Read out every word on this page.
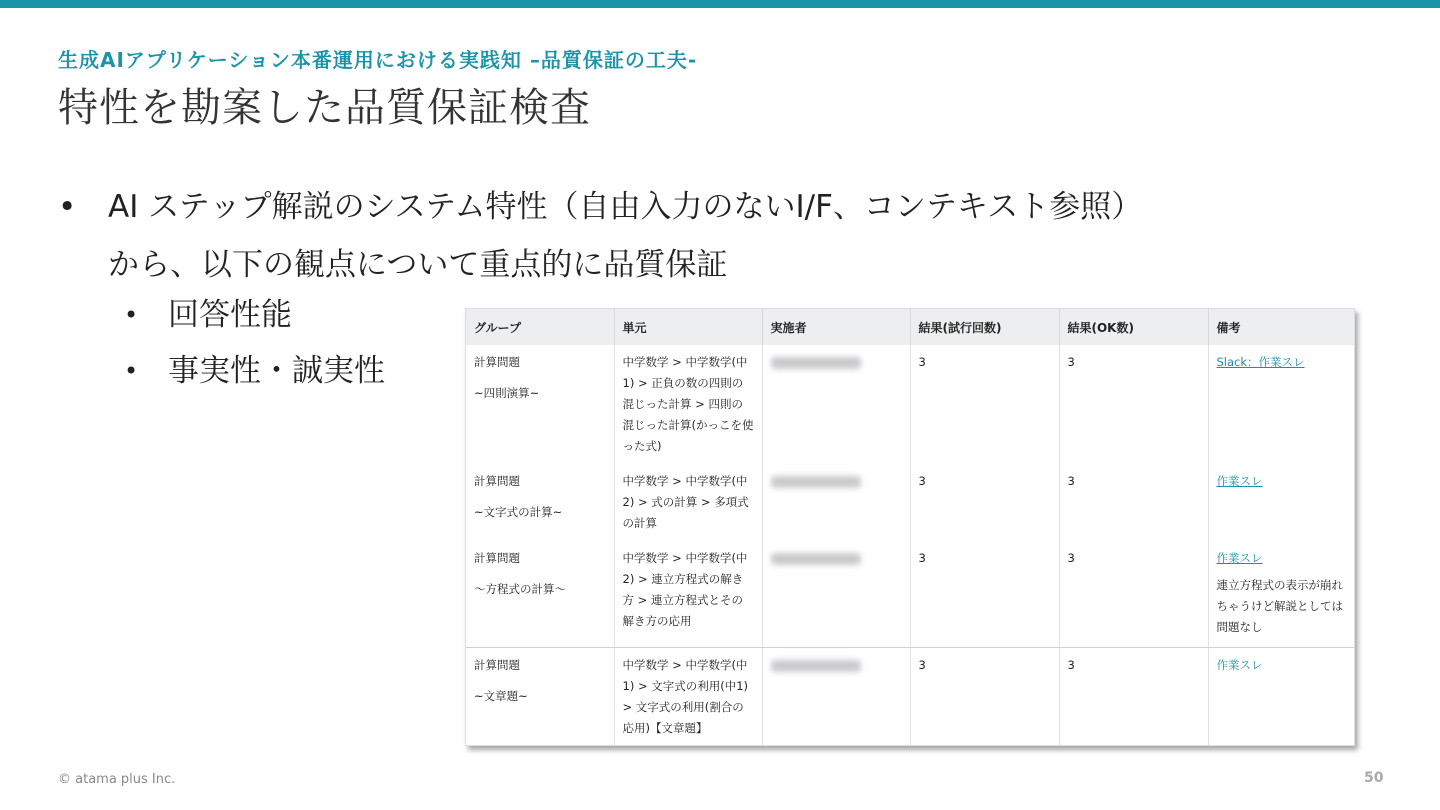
生成AIアプリケーション本番運用における実践知 –品質保証の工夫-
特性を勘案した品質保証検査
• AI ステップ解説のシステム特性（自由入力のないI/F、コンテキスト参照）
から、以下の観点について重点的に品質保証
• 回答性能
• 事実性・誠実性
グループ	単元	実施者	結果(試行回数)	結果(OK数)	備考
計算問題
~四則演算~	中学数学 > 中学数学(中1) > 正負の数の四則の混じった計算 > 四則の混じった計算(かっこを使った式)		3	3	Slack：作業スレ
計算問題
~文字式の計算~	中学数学 > 中学数学(中2) > 式の計算 > 多項式の計算		3	3	作業スレ
計算問題
〜方程式の計算〜	中学数学 > 中学数学(中2) > 連立方程式の解き方 > 連立方程式とその解き方の応用		3	3	作業スレ
連立方程式の表示が崩れちゃうけど解説としては問題なし

計算問題
~文章題~	中学数学 > 中学数学(中1) > 文字式の利用(中1) > 文字式の利用(割合の応用)【文章題】		3	3	作業スレ
© atama plus Inc.	50
